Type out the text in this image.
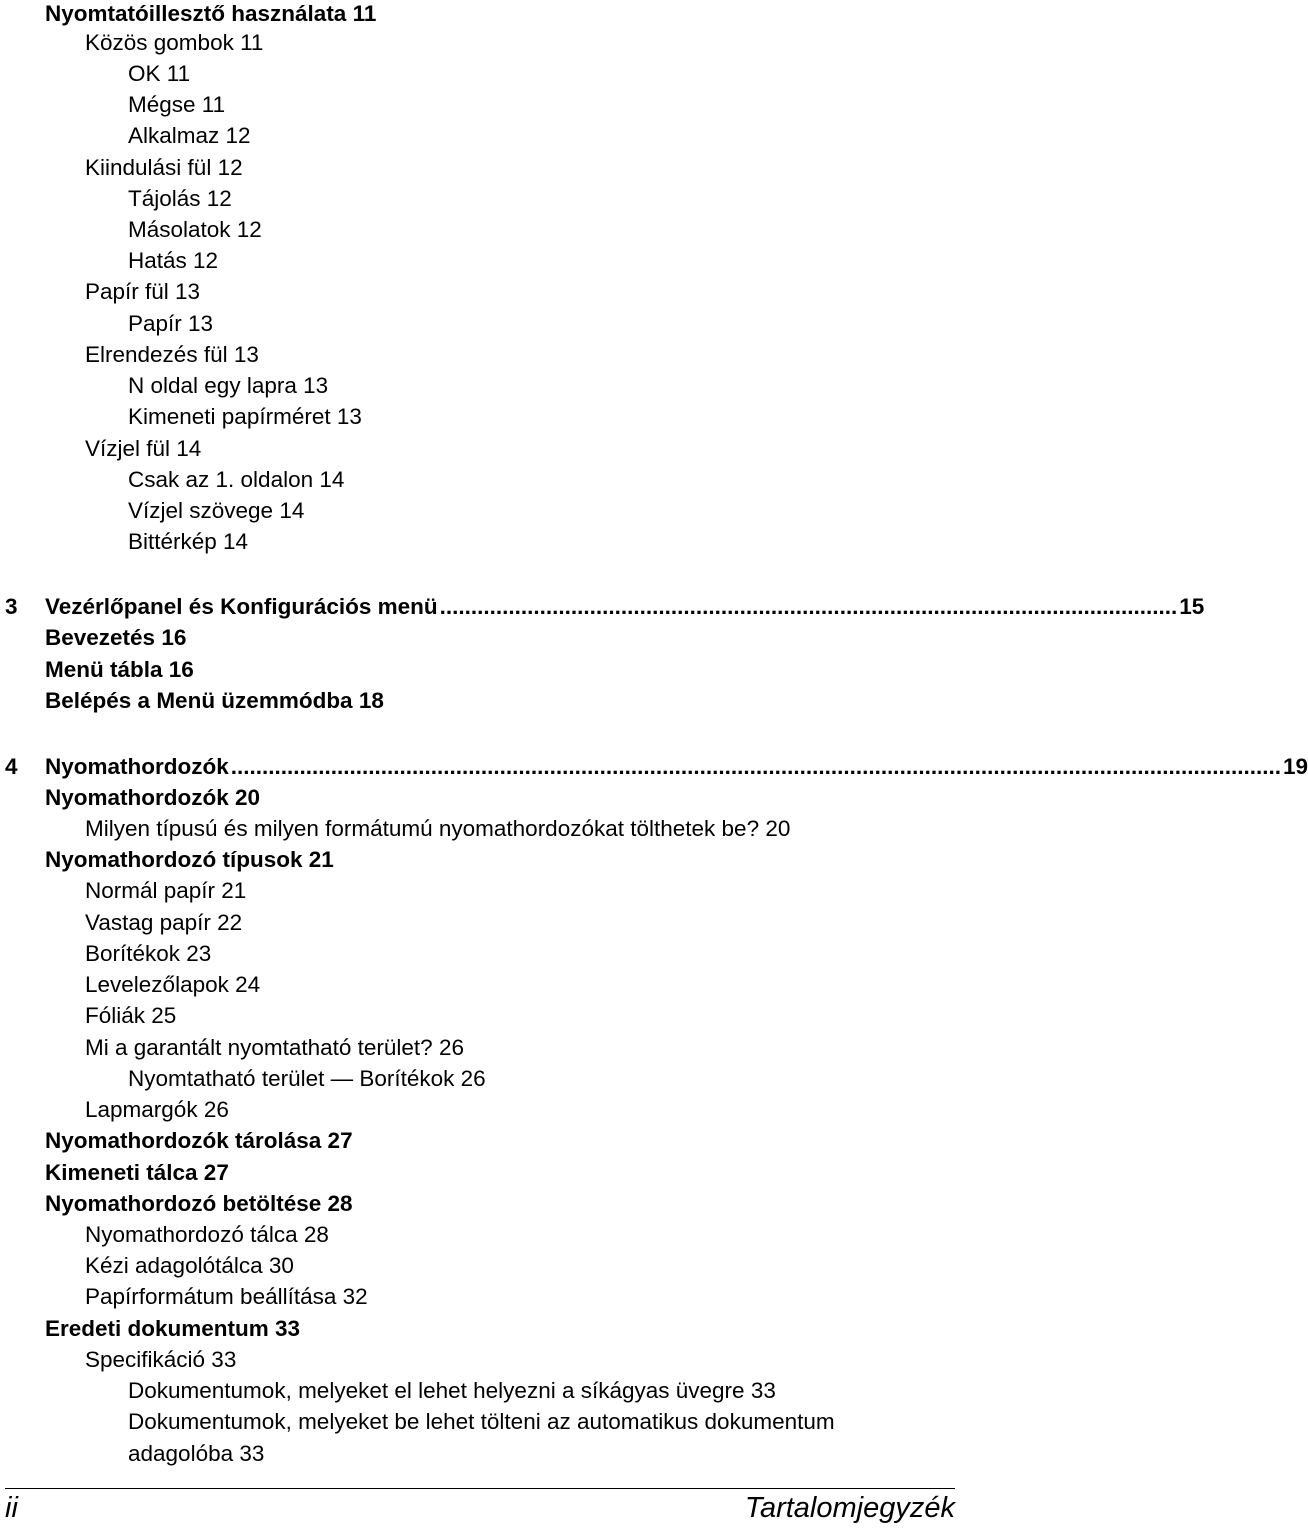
Nyomtatóillesztő használata 11
Közös gombok 11
OK 11
Mégse 11
Alkalmaz 12
Kiindulási fül 12
Tájolás 12
Másolatok 12
Hatás 12
Papír fül 13
Papír 13
Elrendezés fül 13
N oldal egy lapra 13
Kimeneti papírméret 13
Vízjel fül 14
Csak az 1. oldalon 14
Vízjel szövege 14
Bittérkép 14
3	Vezérlőpanel és Konfigurációs menü ...................................................................................................................... 15
Bevezetés 16
Menü tábla 16
Belépés a Menü üzemmódba 18
4	Nyomathordozók ........................................................................................................................................................................ 19
Nyomathordozók 20
Milyen típusú és milyen formátumú nyomathordozókat tölthetek be? 20
Nyomathordozó típusok 21
Normál papír 21
Vastag papír 22
Borítékok 23
Levelezőlapok 24
Fóliák 25
Mi a garantált nyomtatható terület? 26
Nyomtatható terület — Borítékok 26
Lapmargók 26
Nyomathordozók tárolása 27
Kimeneti tálca 27
Nyomathordozó betöltése 28
Nyomathordozó tálca 28
Kézi adagolótálca 30
Papírformátum beállítása 32
Eredeti dokumentum 33
Specifikáció 33
Dokumentumok, melyeket el lehet helyezni a síkágyas üvegre 33
Dokumentumok, melyeket be lehet tölteni az automatikus dokumentum
adagolóba 33
ii	Tartalomjegyzék
